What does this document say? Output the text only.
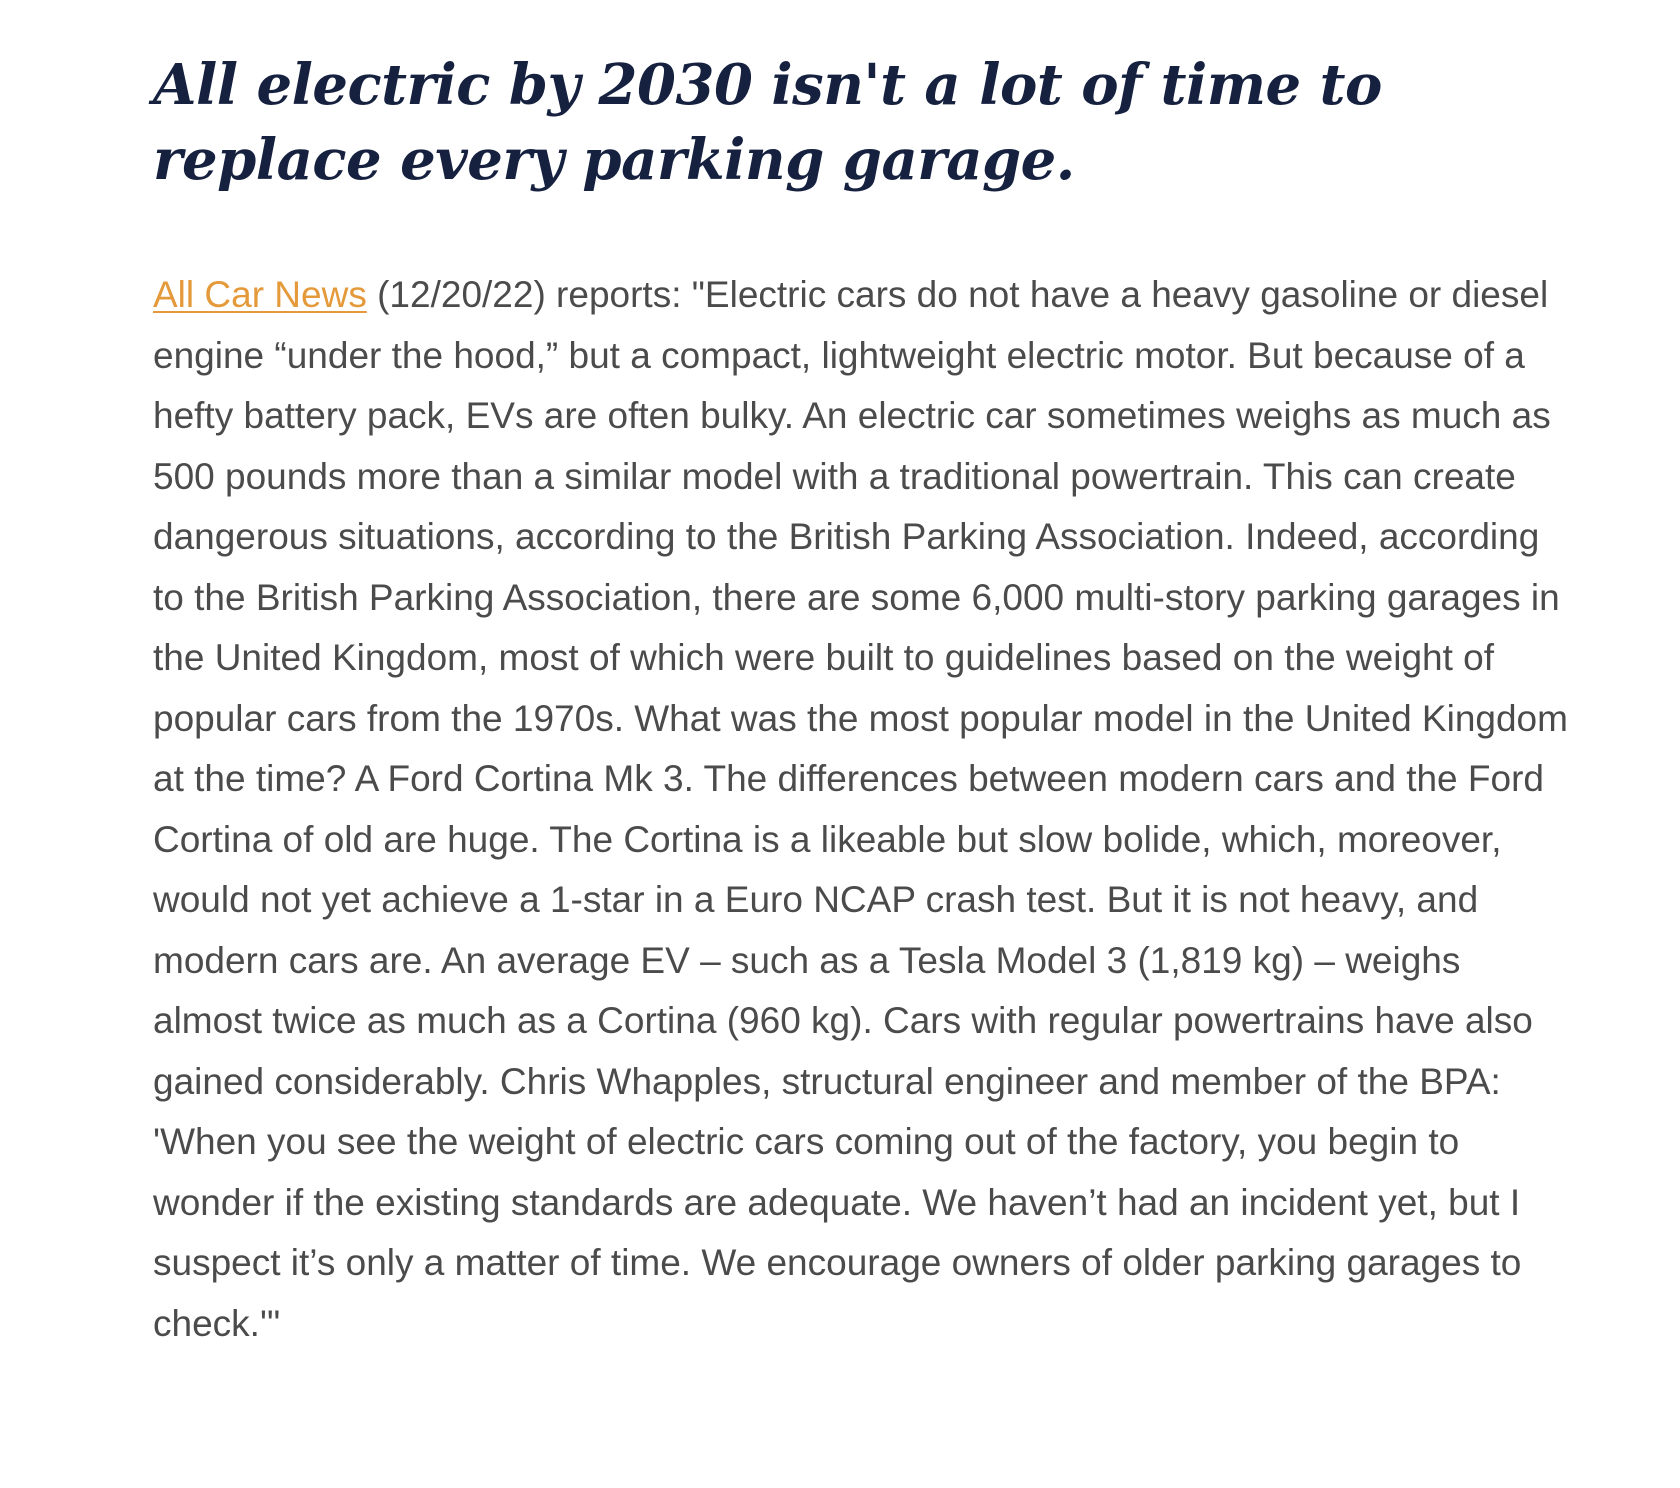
All electric by 2030 isn't a lot of time to replace every parking garage.

All Car News (12/20/22) reports: "Electric cars do not have a heavy gasoline or diesel engine “under the hood,” but a compact, lightweight electric motor. But because of a hefty battery pack, EVs are often bulky. An electric car sometimes weighs as much as 500 pounds more than a similar model with a traditional powertrain. This can create dangerous situations, according to the British Parking Association. Indeed, according to the British Parking Association, there are some 6,000 multi-story parking garages in the United Kingdom, most of which were built to guidelines based on the weight of popular cars from the 1970s. What was the most popular model in the United Kingdom at the time? A Ford Cortina Mk 3. The differences between modern cars and the Ford Cortina of old are huge. The Cortina is a likeable but slow bolide, which, moreover, would not yet achieve a 1-star in a Euro NCAP crash test. But it is not heavy, and modern cars are. An average EV – such as a Tesla Model 3 (1,819 kg) – weighs almost twice as much as a Cortina (960 kg). Cars with regular powertrains have also gained considerably. Chris Whapples, structural engineer and member of the BPA: 'When you see the weight of electric cars coming out of the factory, you begin to wonder if the existing standards are adequate. We haven’t had an incident yet, but I suspect it’s only a matter of time. We encourage owners of older parking garages to check.'"
